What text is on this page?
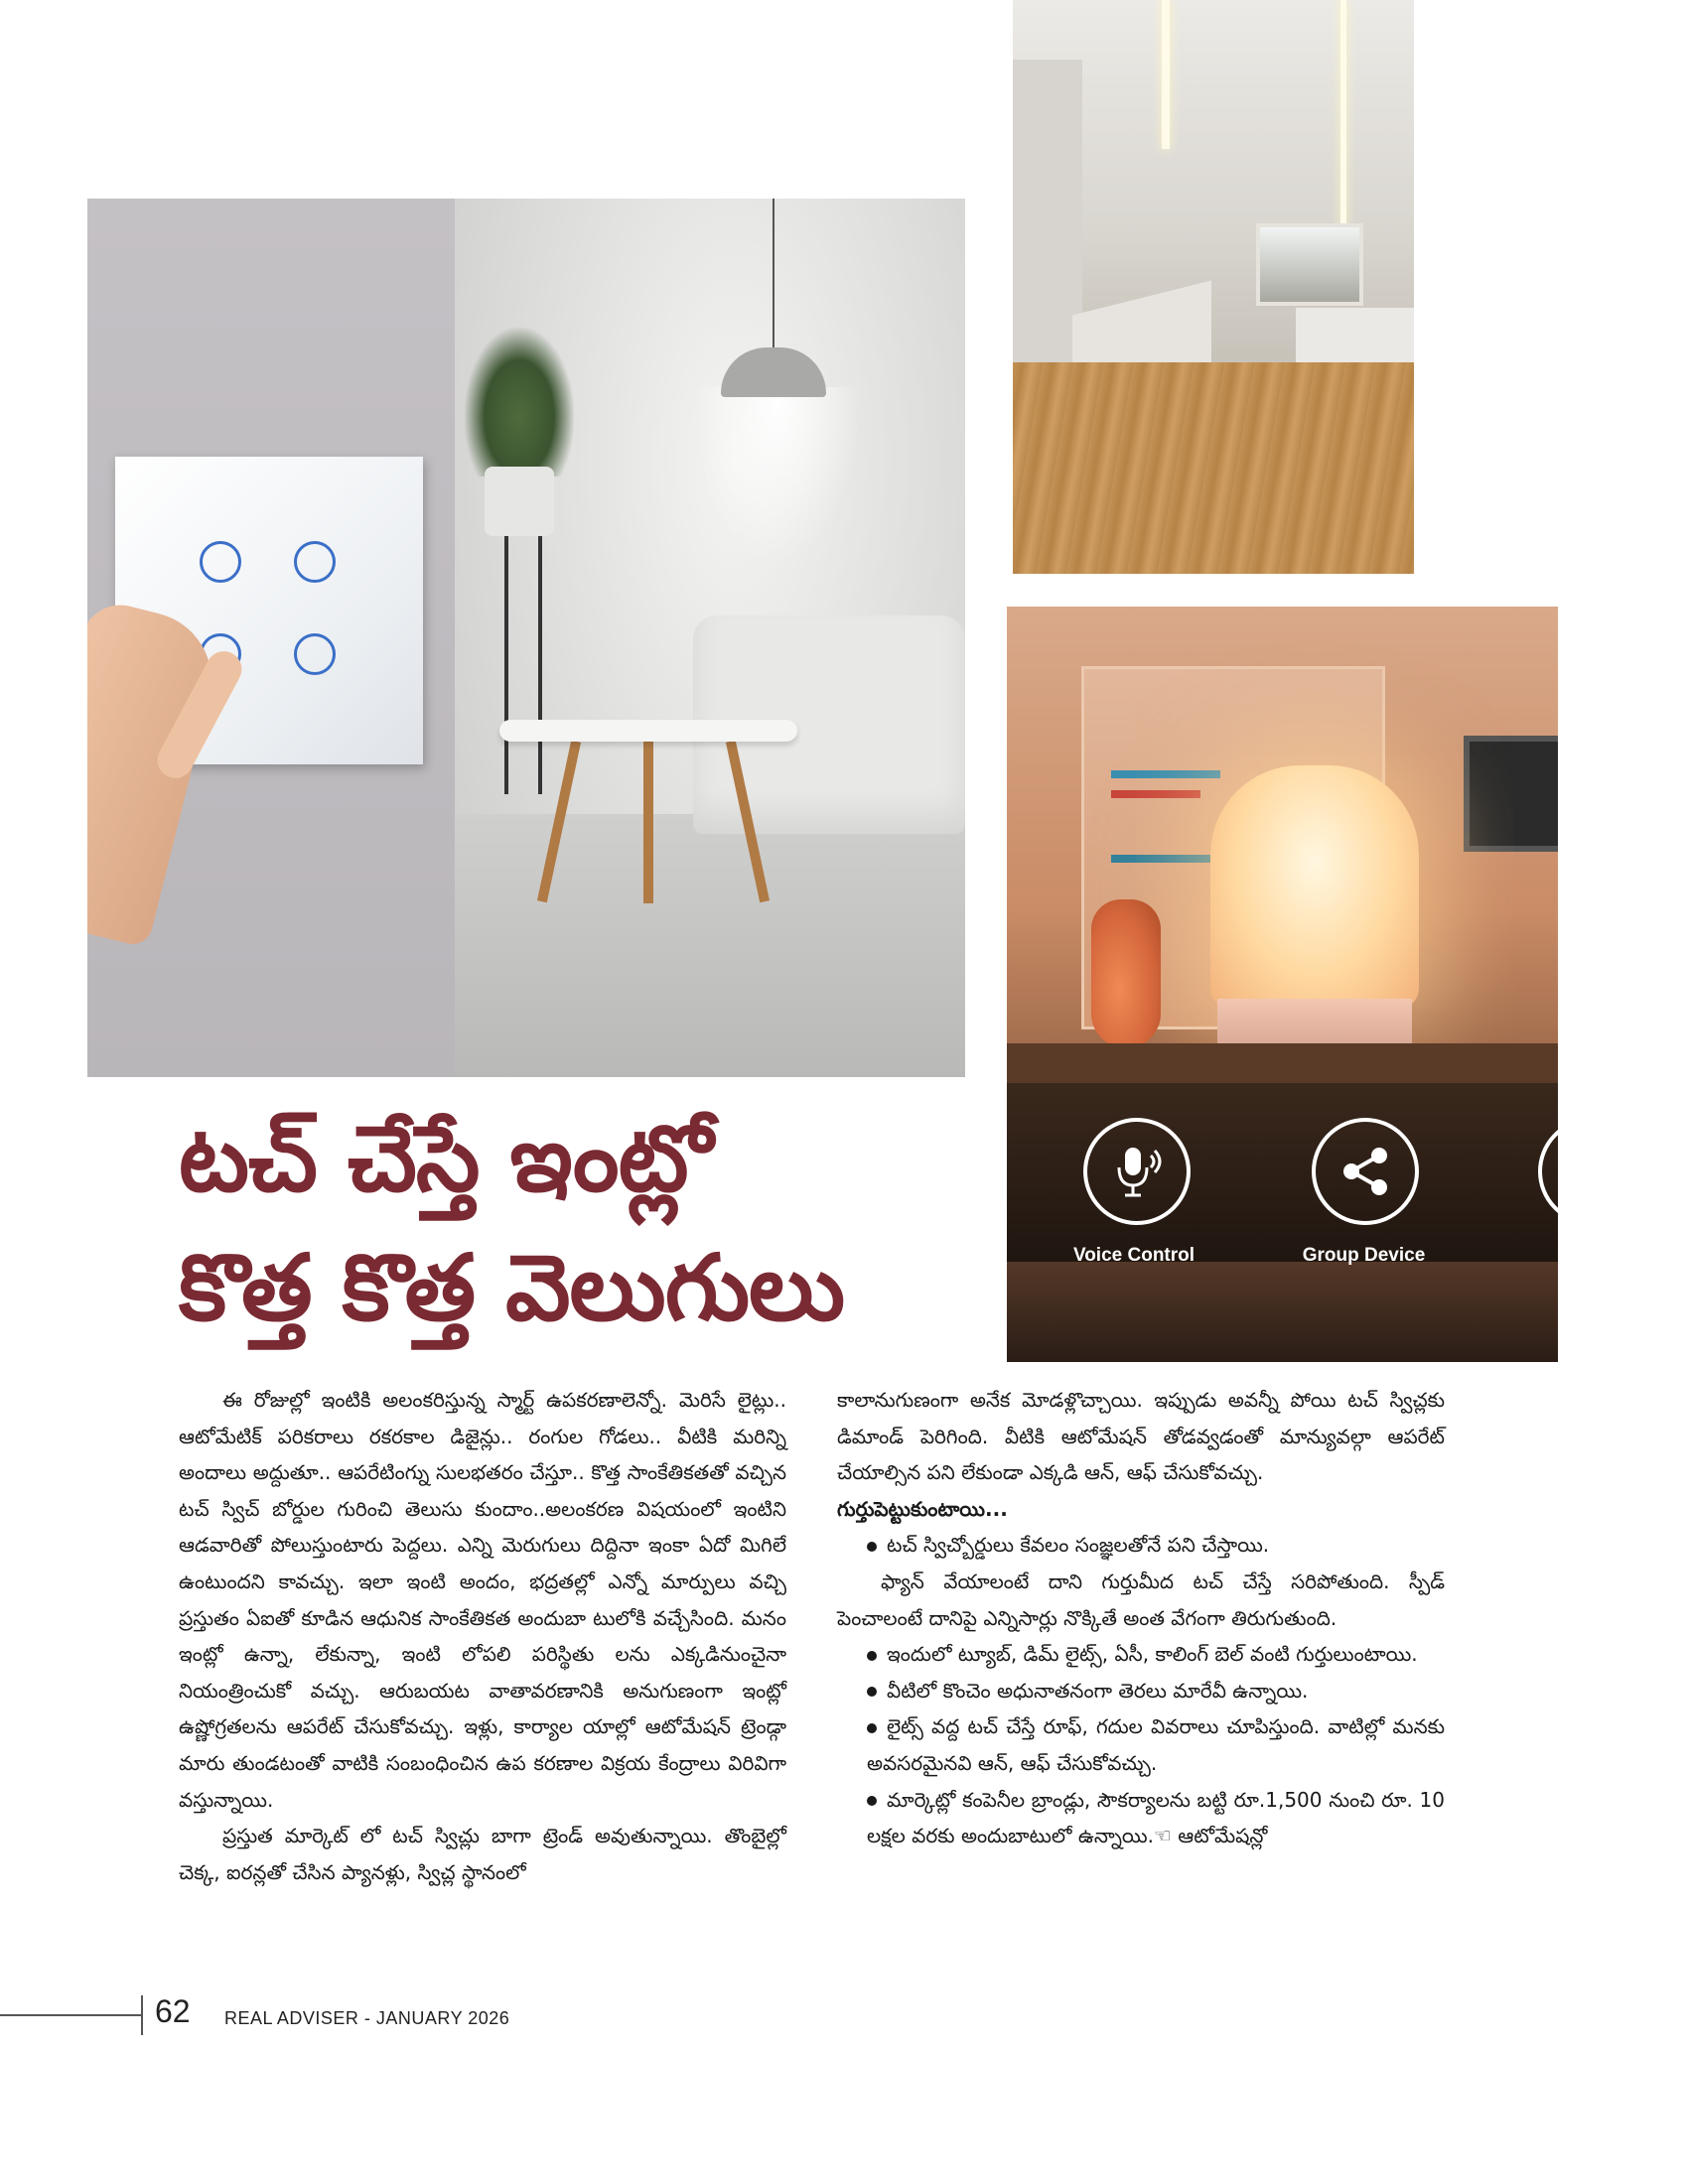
Voice Control	Group Device
టచ్ చేస్తే ఇంట్లో
కొత్త కొత్త వెలుగులు

ఈ రోజుల్లో ఇంటికి అలంకరిస్తున్న స్మార్ట్ ఉపకరణాలెన్నో. మెరిసే లైట్లు.. ఆటోమేటిక్ పరికరాలు రకరకాల డిజైన్లు.. రంగుల గోడలు.. వీటికి మరిన్ని అందాలు అద్దుతూ.. ఆపరేటింగ్ను సులభతరం చేస్తూ.. కొత్త సాంకేతికతతో వచ్చిన టచ్ స్విచ్ బోర్డుల గురించి తెలుసు కుందాం..అలంకరణ విషయంలో ఇంటిని ఆడవారితో పోలుస్తుంటారు పెద్దలు. ఎన్ని మెరుగులు దిద్దినా ఇంకా ఏదో మిగిలే ఉంటుందని కావచ్చు. ఇలా ఇంటి అందం, భద్రతల్లో ఎన్నో మార్పులు వచ్చి ప్రస్తుతం ఏఐతో కూడిన ఆధునిక సాంకేతికత అందుబా టులోకి వచ్చేసింది. మనం ఇంట్లో ఉన్నా, లేకున్నా, ఇంటి లోపలి పరిస్థితు లను ఎక్కడినుంచైనా నియంత్రించుకో వచ్చు. ఆరుబయట వాతావరణానికి అనుగుణంగా ఇంట్లో ఉష్ణోగ్రతలను ఆపరేట్ చేసుకోవచ్చు. ఇళ్లు, కార్యాల యాల్లో ఆటోమేషన్ ట్రెండ్గా మారు తుండటంతో వాటికి సంబంధించిన ఉప కరణాల విక్రయ కేంద్రాలు విరివిగా వస్తున్నాయి.

ప్రస్తుత మార్కెట్ లో టచ్ స్విచ్లు బాగా ట్రెండ్ అవుతున్నాయి. తొంబైల్లో చెక్క, ఐరన్లతో చేసిన ప్యానళ్లు, స్విచ్ల స్థానంలో

కాలానుగుణంగా అనేక మోడళ్లొచ్చాయి. ఇప్పుడు అవన్నీ పోయి టచ్ స్విచ్లకు డిమాండ్ పెరిగింది. వీటికి ఆటోమేషన్ తోడవ్వడంతో మాన్యువల్గా ఆపరేట్ చేయాల్సిన పని లేకుండా ఎక్కడి ఆన్, ఆఫ్ చేసుకోవచ్చు.

గుర్తుపెట్టుకుంటాయి...

టచ్ స్విచ్బోర్డులు కేవలం సంజ్ఞలతోనే పని చేస్తాయి.

ఫ్యాన్ వేయాలంటే దాని గుర్తుమీద టచ్ చేస్తే సరిపోతుంది. స్పీడ్ పెంచాలంటే దానిపై ఎన్నిసార్లు నొక్కితే అంత వేగంగా తిరుగుతుంది.

ఇందులో ట్యూబ్, డిమ్ లైట్స్, ఏసీ, కాలింగ్ బెల్ వంటి గుర్తులుంటాయి.

వీటిలో కొంచెం అధునాతనంగా తెరలు మారేవీ ఉన్నాయి.

లైట్స్ వద్ద టచ్ చేస్తే రూఫ్, గదుల వివరాలు చూపిస్తుంది. వాటిల్లో మనకు అవసరమైనవి ఆన్, ఆఫ్ చేసుకోవచ్చు.

మార్కెట్లో కంపెనీల బ్రాండ్లు, సౌకర్యాలను బట్టి రూ.1,500 నుంచి రూ. 10 లక్షల వరకు అందుబాటులో ఉన్నాయి.☜ ఆటోమేషన్లో

62 REAL ADVISER - JANUARY 2026
